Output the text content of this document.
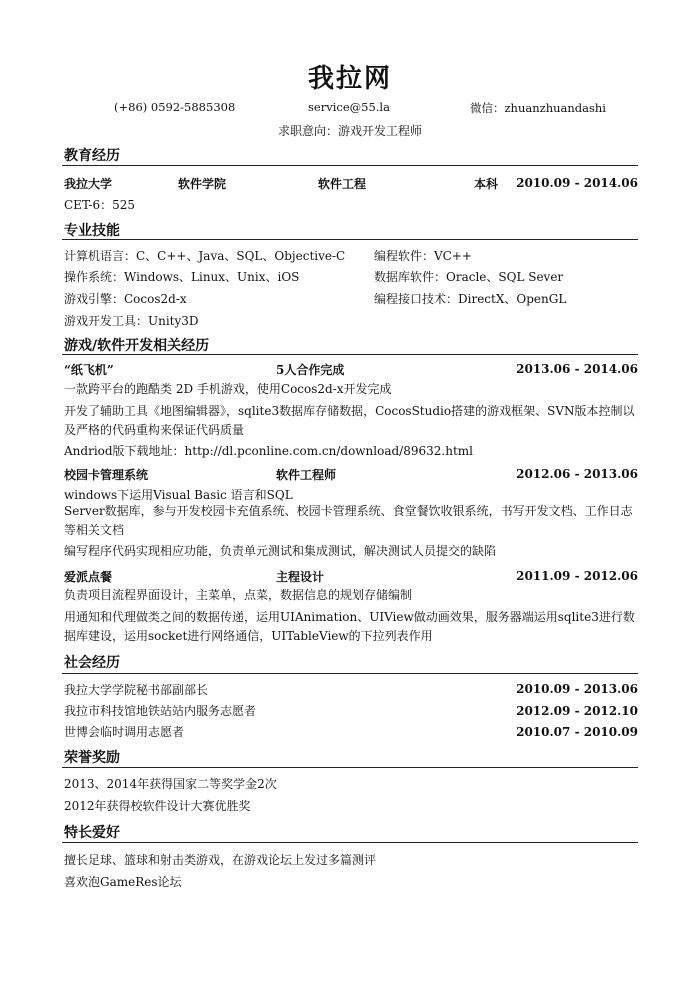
我拉网
(+86) 0592-5885308	service@55.la	微信：zhuanzhuandashi
求职意向：游戏开发工程师
教育经历
我拉大学	软件学院	软件工程	本科 2010.09 - 2014.06
CET-6：525
专业技能
计算机语言：C、C++、Java、SQL、Objective-C 编程软件：VC++
操作系统：Windows、Linux、Unix、iOS	数据库软件：Oracle、SQL Sever
游戏引擎：Cocos2d-x	编程接口技术：DirectX、OpenGL
游戏开发工具：Unity3D
游戏/软件开发相关经历
“纸飞机”	5人合作完成	2013.06 - 2014.06
一款跨平台的跑酷类 2D 手机游戏，使用Cocos2d-x开发完成
开发了辅助工具《地图编辑器》，sqlite3数据库存储数据，CocosStudio搭建的游戏框架、SVN版本控制以及严格的代码重构来保证代码质量
Andriod版下载地址：http://dl.pconline.com.cn/download/89632.html
校园卡管理系统	软件工程师	2012.06 - 2013.06
windows下运用Visual Basic 语言和SQL
Server数据库，参与开发校园卡充值系统、校园卡管理系统、食堂餐饮收银系统，书写开发文档、工作日志等相关文档
编写程序代码实现相应功能，负责单元测试和集成测试，解决测试人员提交的缺陷
爱派点餐	主程设计	2011.09 - 2012.06
负责项目流程界面设计，主菜单，点菜，数据信息的规划存储编制
用通知和代理做类之间的数据传递，运用UIAnimation、UIView做动画效果，服务器端运用sqlite3进行数据库建设，运用socket进行网络通信，UITableView的下拉列表作用
社会经历
我拉大学学院秘书部副部长	2010.09 - 2013.06
我拉市科技馆地铁站站内服务志愿者	2012.09 - 2012.10
世博会临时调用志愿者	2010.07 - 2010.09
荣誉奖励
2013、2014年获得国家二等奖学金2次
2012年获得校软件设计大赛优胜奖
特长爱好
擅长足球、篮球和射击类游戏，在游戏论坛上发过多篇测评
喜欢泡GameRes论坛
